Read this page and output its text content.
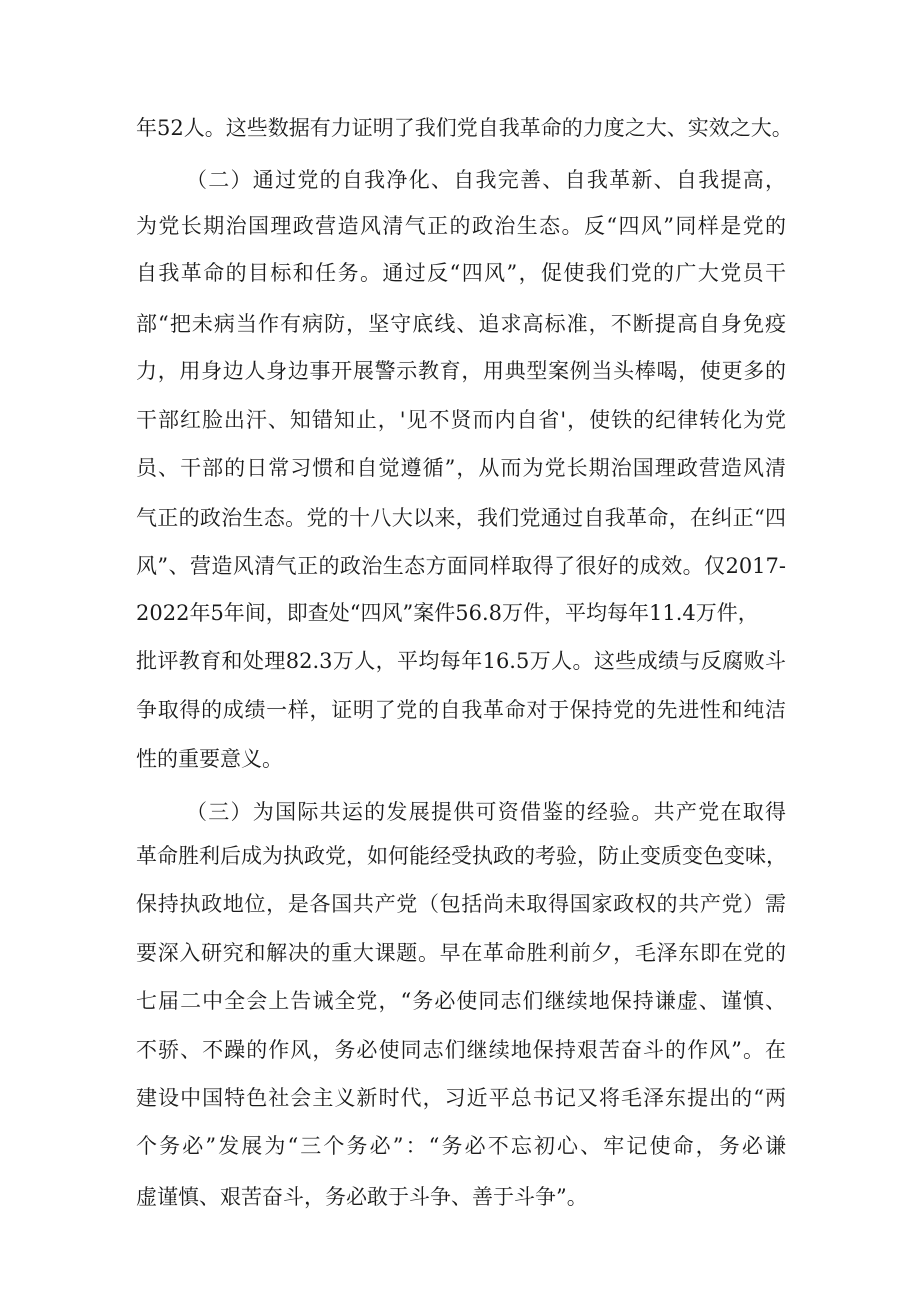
年52人。这些数据有力证明了我们党自我革命的力度之大、实效之大。
（二）通过党的自我净化、自我完善、自我革新、自我提高，
为党长期治国理政营造风清气正的政治生态。反“四风”同样是党的
自我革命的目标和任务。通过反“四风”，促使我们党的广大党员干
部“把未病当作有病防，坚守底线、追求高标准，不断提高自身免疫
力，用身边人身边事开展警示教育，用典型案例当头棒喝，使更多的
干部红脸出汗、知错知止，'见不贤而内自省'，使铁的纪律转化为党
员、干部的日常习惯和自觉遵循”，从而为党长期治国理政营造风清
气正的政治生态。党的十八大以来，我们党通过自我革命，在纠正“四
风”、营造风清气正的政治生态方面同样取得了很好的成效。仅2017-
2022年5年间，即查处“四风”案件56.8万件，平均每年11.4万件，
批评教育和处理82.3万人，平均每年16.5万人。这些成绩与反腐败斗
争取得的成绩一样，证明了党的自我革命对于保持党的先进性和纯洁
性的重要意义。
（三）为国际共运的发展提供可资借鉴的经验。共产党在取得
革命胜利后成为执政党，如何能经受执政的考验，防止变质变色变味，
保持执政地位，是各国共产党（包括尚未取得国家政权的共产党）需
要深入研究和解决的重大课题。早在革命胜利前夕，毛泽东即在党的
七届二中全会上告诫全党，“务必使同志们继续地保持谦虚、谨慎、
不骄、不躁的作风，务必使同志们继续地保持艰苦奋斗的作风”。在
建设中国特色社会主义新时代，习近平总书记又将毛泽东提出的“两
个务必”发展为“三个务必”：“务必不忘初心、牢记使命，务必谦
虚谨慎、艰苦奋斗，务必敢于斗争、善于斗争”。
